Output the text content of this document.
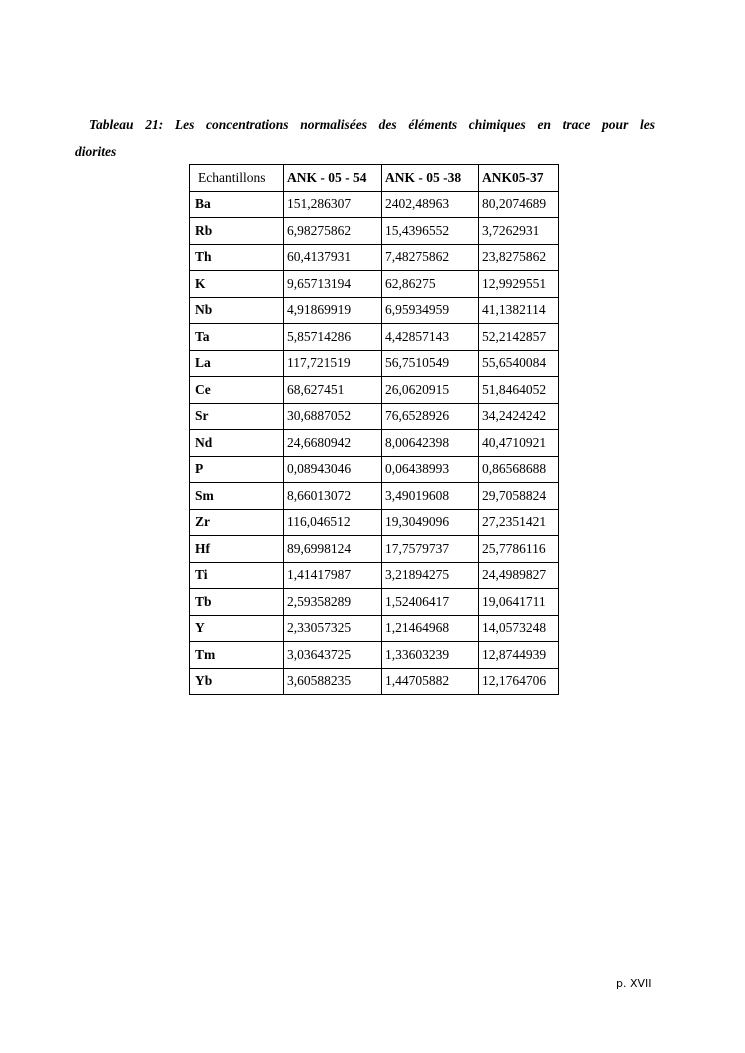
Tableau 21: Les concentrations normalisées des éléments chimiques en trace pour les
diorites
Echantillons	ANK - 05 - 54	ANK - 05 -38	ANK05-37
Ba	151,286307	2402,48963	80,2074689
Rb	6,98275862	15,4396552	3,7262931
Th	60,4137931	7,48275862	23,8275862
K	9,65713194	62,86275	12,9929551
Nb	4,91869919	6,95934959	41,1382114
Ta	5,85714286	4,42857143	52,2142857
La	117,721519	56,7510549	55,6540084
Ce	68,627451	26,0620915	51,8464052
Sr	30,6887052	76,6528926	34,2424242
Nd	24,6680942	8,00642398	40,4710921
P	0,08943046	0,06438993	0,86568688
Sm	8,66013072	3,49019608	29,7058824
Zr	116,046512	19,3049096	27,2351421
Hf	89,6998124	17,7579737	25,7786116
Ti	1,41417987	3,21894275	24,4989827
Tb	2,59358289	1,52406417	19,0641711
Y	2,33057325	1,21464968	14,0573248
Tm	3,03643725	1,33603239	12,8744939
Yb	3,60588235	1,44705882	12,1764706
p. XVII
